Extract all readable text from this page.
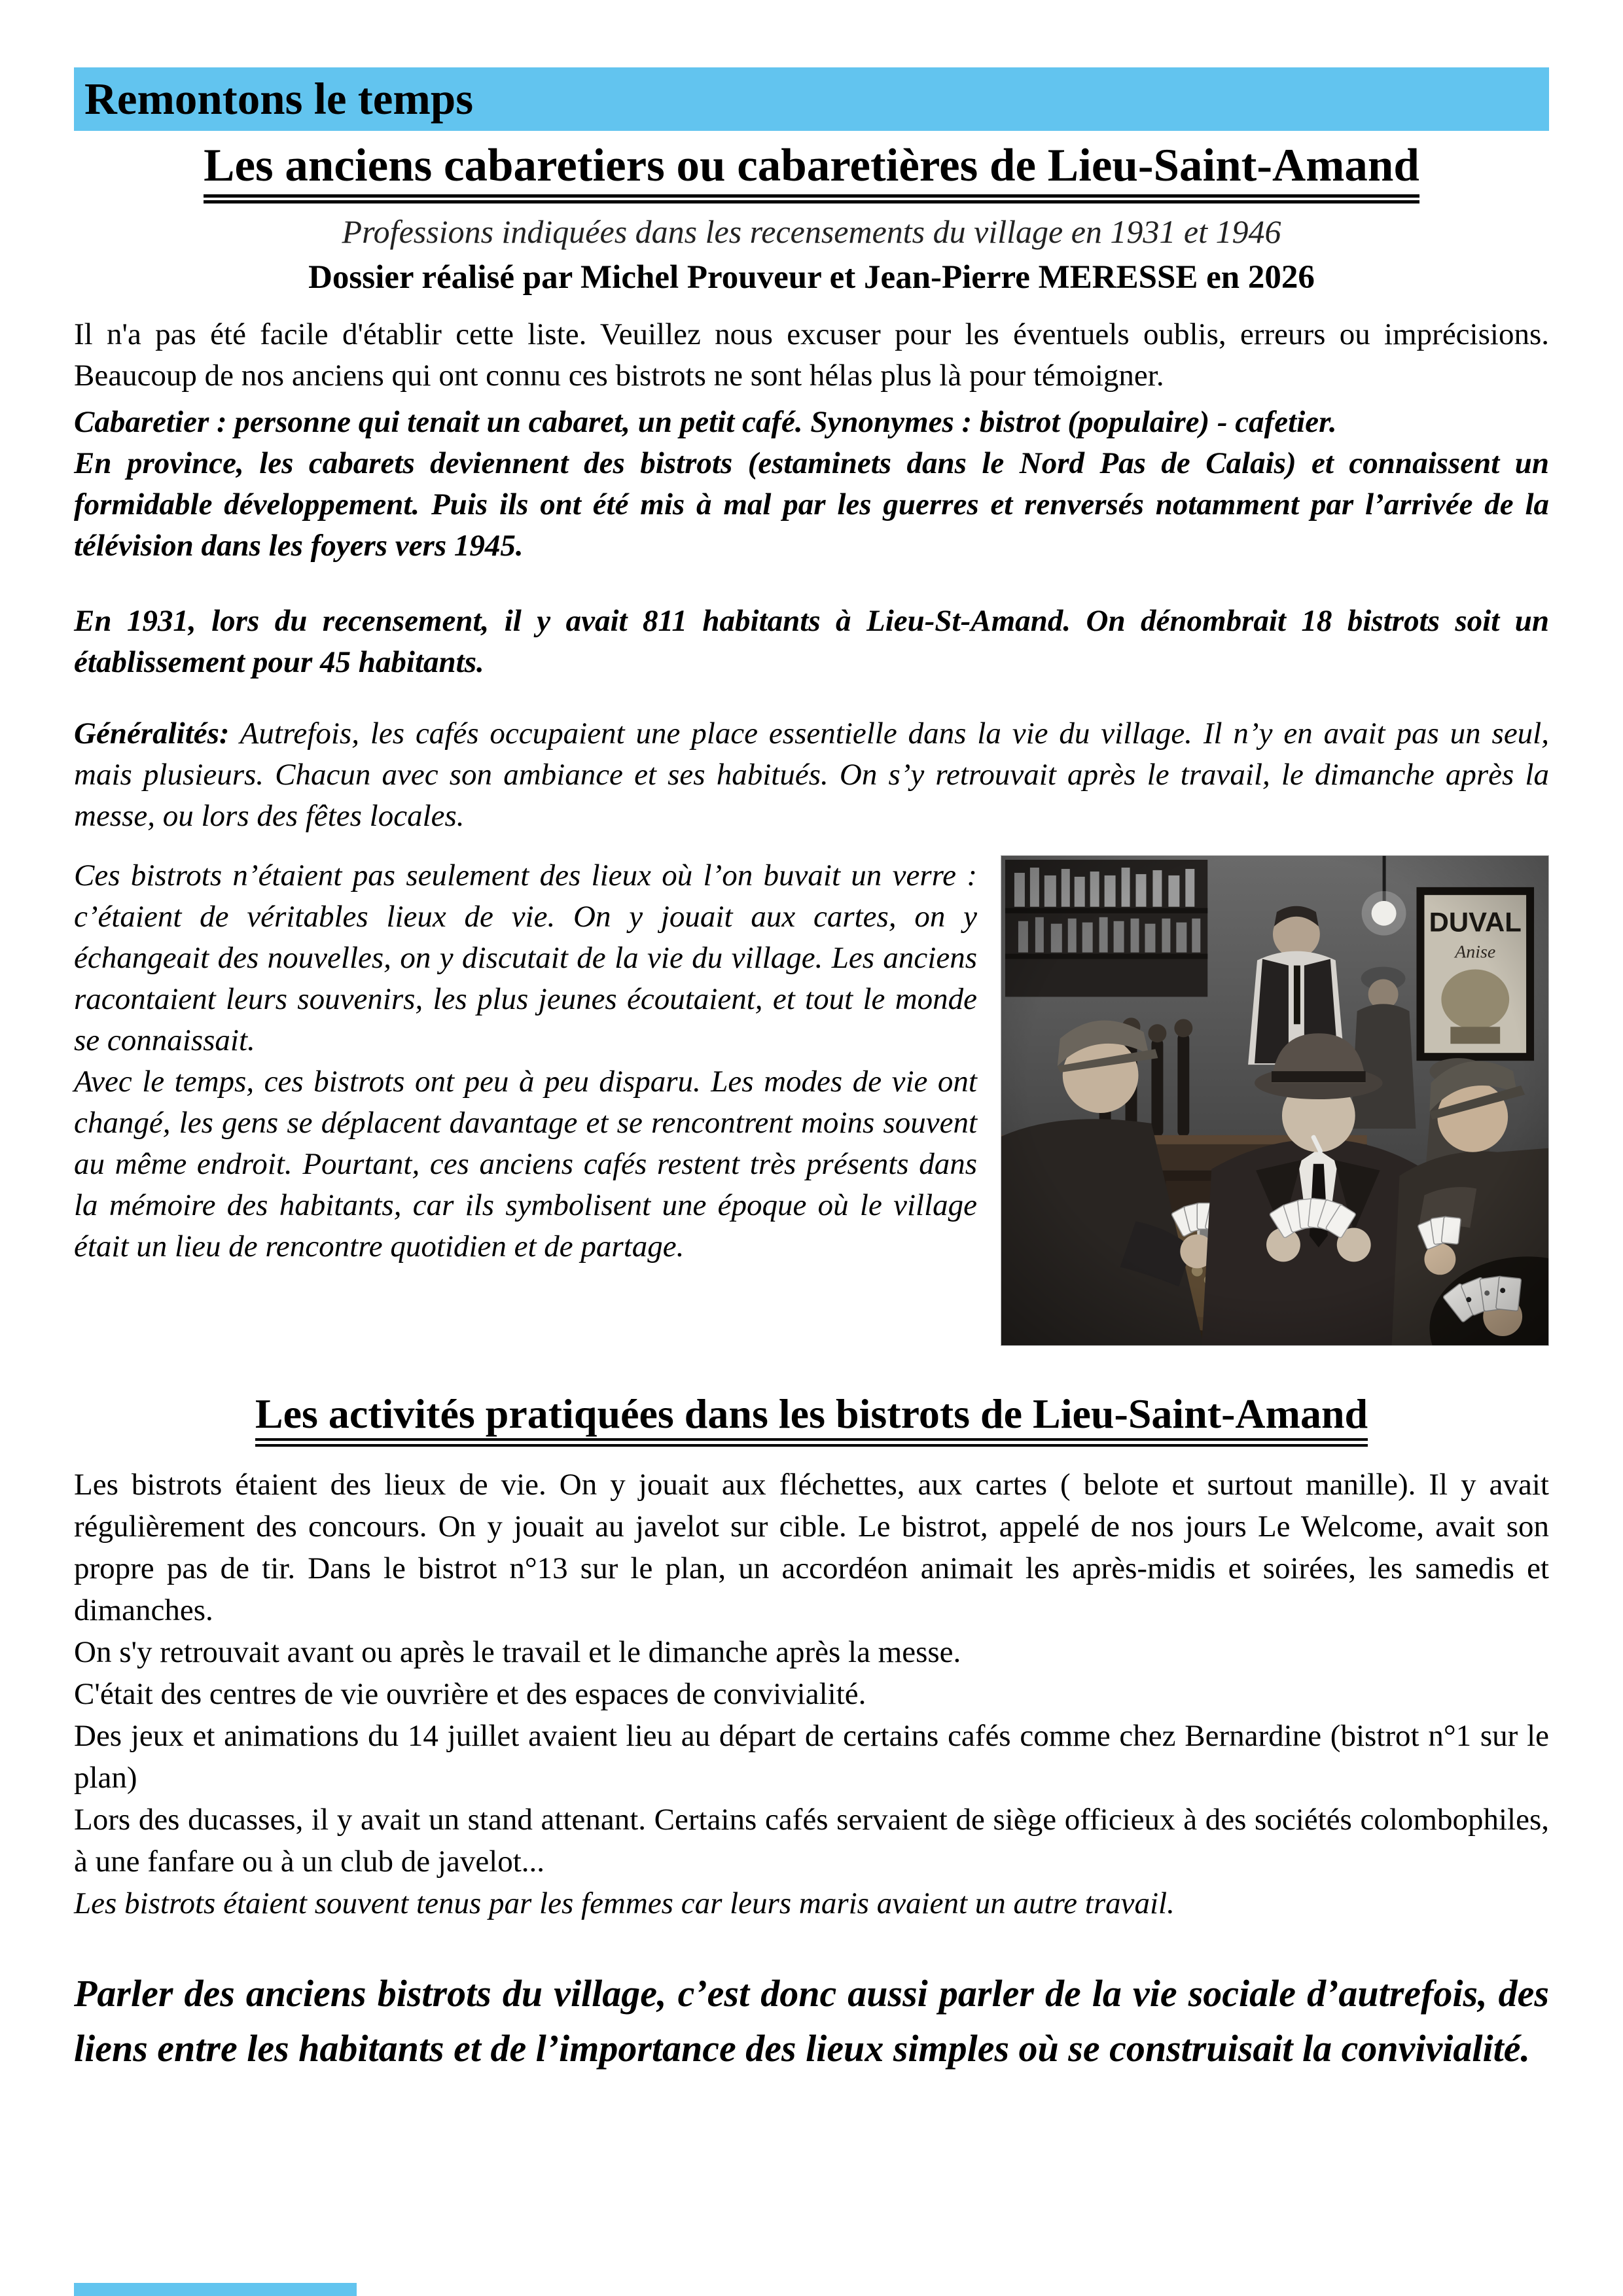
Remontons le temps
Les anciens cabaretiers ou cabaretières de Lieu-Saint-Amand
Professions indiquées dans les recensements du village en 1931 et 1946
Dossier réalisé par Michel Prouveur et Jean-Pierre MERESSE en 2026

Il n'a pas été facile d'établir cette liste. Veuillez nous excuser pour les éventuels oublis, erreurs ou imprécisions. Beaucoup de nos anciens qui ont connu ces bistrots ne sont hélas plus là pour témoigner.

Cabaretier : personne qui tenait un cabaret, un petit café. Synonymes : bistrot (populaire) - cafetier.

En province, les cabarets deviennent des bistrots (estaminets dans le Nord Pas de Calais) et connaissent un formidable développement. Puis ils ont été mis à mal par les guerres et renversés notamment par l’arrivée de la télévision dans les foyers vers 1945.

En 1931, lors du recensement, il y avait 811 habitants à Lieu-St-Amand. On dénombrait 18 bistrots soit un établissement pour 45 habitants.

Généralités: Autrefois, les cafés occupaient une place essentielle dans la vie du village. Il n’y en avait pas un seul, mais plusieurs. Chacun avec son ambiance et ses habitués. On s’y retrouvait après le travail, le dimanche après la messe, ou lors des fêtes locales.

Ces bistrots n’étaient pas seulement des lieux où l’on buvait un verre : c’étaient de véritables lieux de vie. On y jouait aux cartes, on y échangeait des nouvelles, on y discutait de la vie du village. Les anciens racontaient leurs souvenirs, les plus jeunes écoutaient, et tout le monde se connaissait.

Avec le temps, ces bistrots ont peu à peu disparu. Les modes de vie ont changé, les gens se déplacent davantage et se rencontrent moins souvent au même endroit. Pourtant, ces anciens cafés restent très présents dans la mémoire des habitants, car ils symbolisent une époque où le village était un lieu de rencontre quotidien et de partage.

Les activités pratiquées dans les bistrots de Lieu-Saint-Amand

Les bistrots étaient des lieux de vie. On y jouait aux fléchettes, aux cartes ( belote et surtout manille). Il y avait régulièrement des concours. On y jouait au javelot sur cible. Le bistrot, appelé de nos jours Le Welcome, avait son propre pas de tir. Dans le bistrot n°13 sur le plan, un accordéon animait les après-midis et soirées, les samedis et dimanches.

On s'y retrouvait avant ou après le travail et le dimanche après la messe.

C'était des centres de vie ouvrière et des espaces de convivialité.

Des jeux et animations du 14 juillet avaient lieu au départ de certains cafés comme chez Bernardine (bistrot n°1 sur le plan)

Lors des ducasses, il y avait un stand attenant. Certains cafés servaient de siège officieux à des sociétés colombophiles, à une fanfare ou à un club de javelot...

Les bistrots étaient souvent tenus par les femmes car leurs maris avaient un autre travail.

Parler des anciens bistrots du village, c’est donc aussi parler de la vie sociale d’autrefois, des liens entre les habitants et de l’importance des lieux simples où se construisait la convivialité.
